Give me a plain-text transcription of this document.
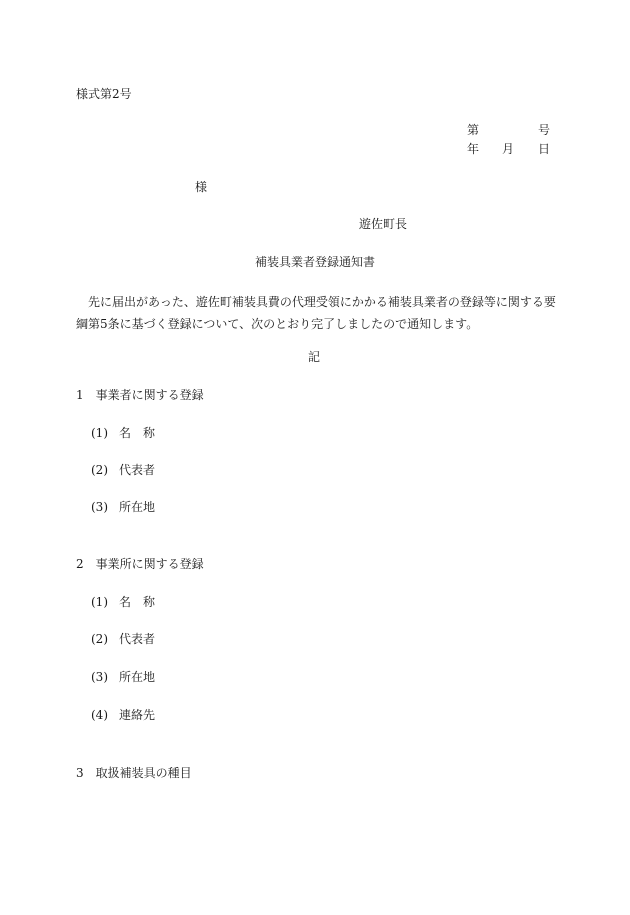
様式第2号
第	号
年 月 日
様
遊佐町長
補装具業者登録通知書

先に届出があった、遊佐町補装具費の代理受領にかかる補装具業者の登録等に関する要

綱第5条に基づく登録について、次のとおり完了しましたので通知します。

記
1　事業者に関する登録
(1) 名　称
(2) 代表者
(3) 所在地
2　事業所に関する登録
(1) 名　称
(2) 代表者
(3) 所在地
(4) 連絡先
3　取扱補装具の種目
